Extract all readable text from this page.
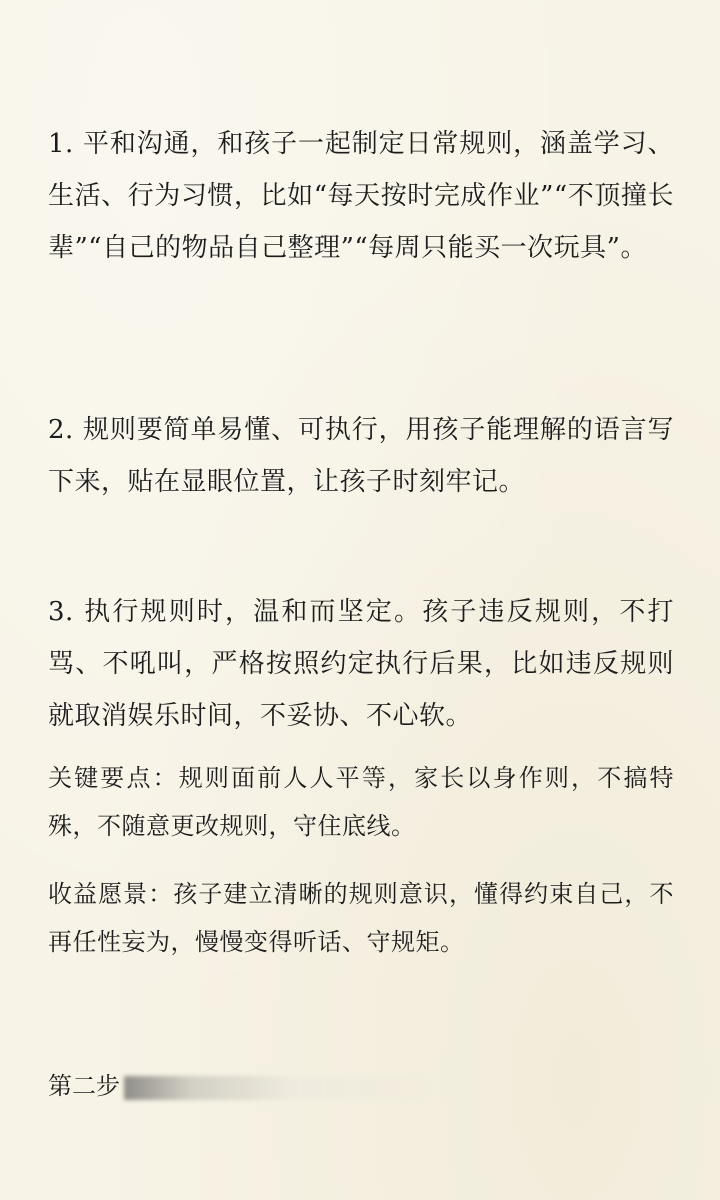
1. 平和沟通，和孩子一起制定日常规则，涵盖学习、生活、行为习惯，比如“每天按时完成作业”“不顶撞长辈”“自己的物品自己整理”“每周只能买一次玩具”。

2. 规则要简单易懂、可执行，用孩子能理解的语言写下来，贴在显眼位置，让孩子时刻牢记。

3. 执行规则时，温和而坚定。孩子违反规则，不打骂、不吼叫，严格按照约定执行后果，比如违反规则就取消娱乐时间，不妥协、不心软。

关键要点：规则面前人人平等，家长以身作则，不搞特殊，不随意更改规则，守住底线。

收益愿景：孩子建立清晰的规则意识，懂得约束自己，不再任性妄为，慢慢变得听话、守规矩。

第二步
